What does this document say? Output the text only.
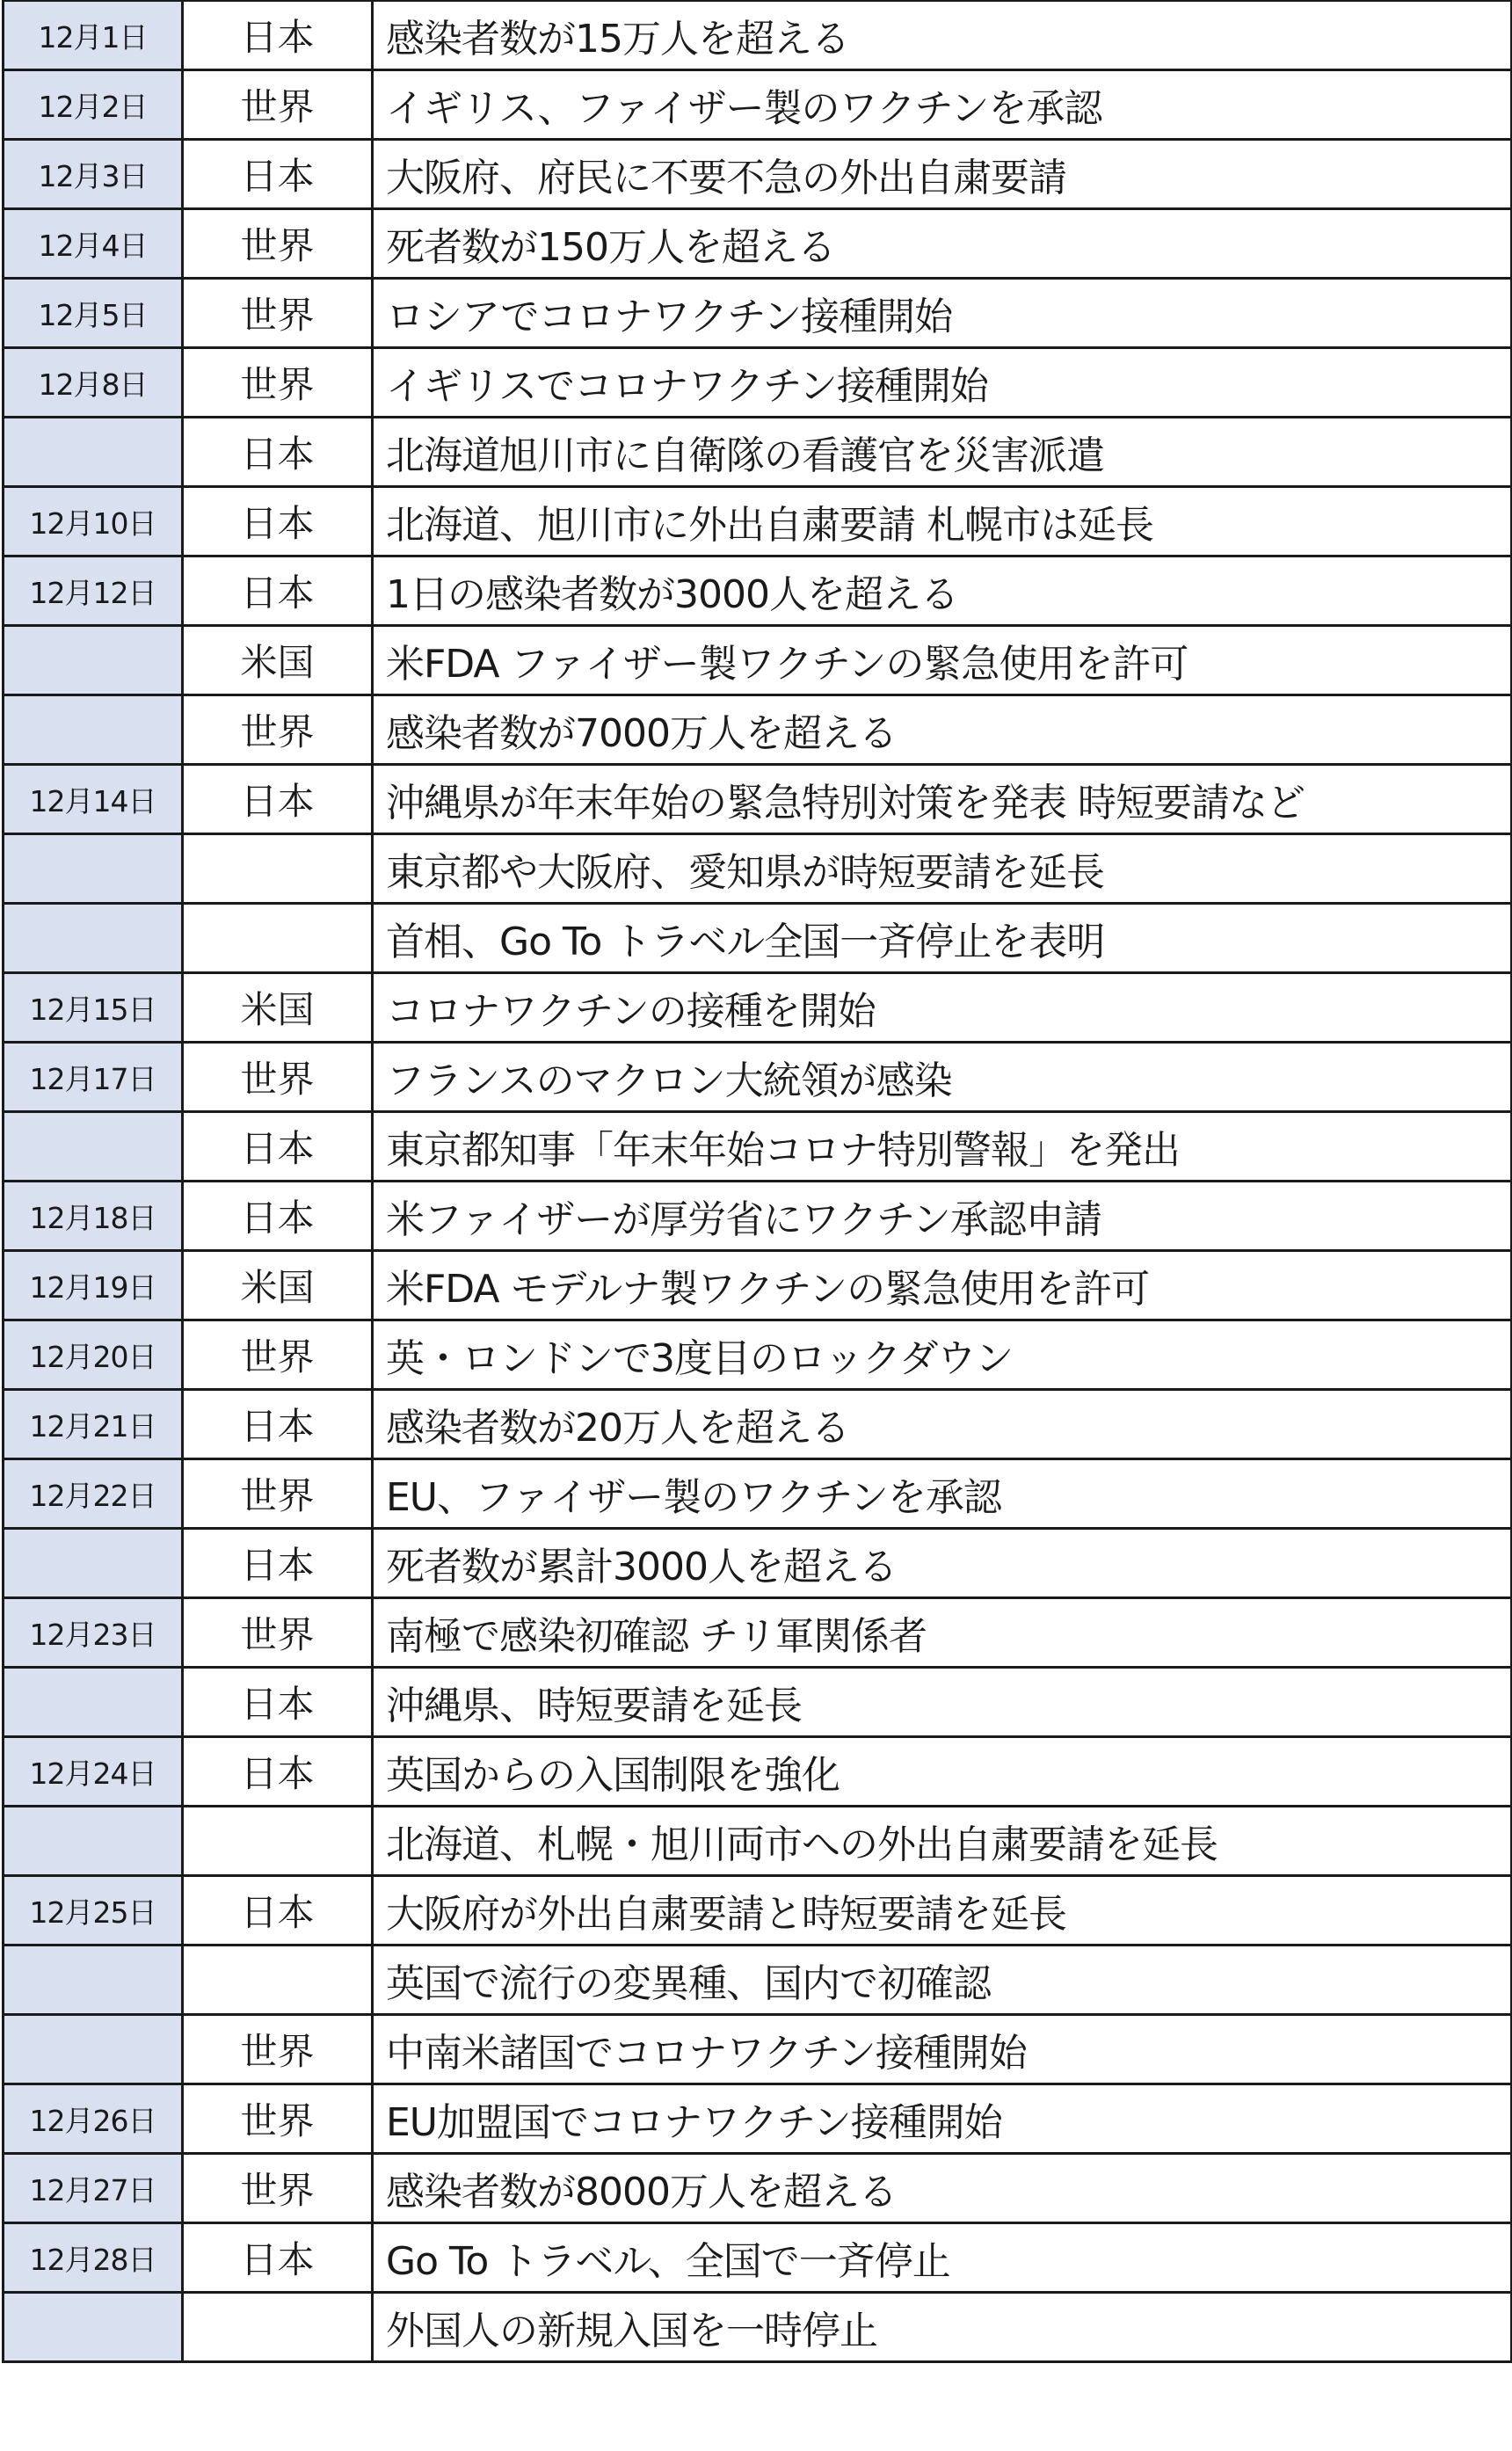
12月1日	日本	感染者数が15万人を超える
12月2日	世界	イギリス、ファイザー製のワクチンを承認
12月3日	日本	大阪府、府民に不要不急の外出自粛要請
12月4日	世界	死者数が150万人を超える
12月5日	世界	ロシアでコロナワクチン接種開始
12月8日	世界	イギリスでコロナワクチン接種開始
	日本	北海道旭川市に自衛隊の看護官を災害派遣
12月10日	日本	北海道、旭川市に外出自粛要請 札幌市は延長
12月12日	日本	1日の感染者数が3000人を超える
	米国	米FDA ファイザー製ワクチンの緊急使用を許可
	世界	感染者数が7000万人を超える
12月14日	日本	沖縄県が年末年始の緊急特別対策を発表 時短要請など
		東京都や大阪府、愛知県が時短要請を延長
		首相、Go To トラベル全国一斉停止を表明
12月15日	米国	コロナワクチンの接種を開始
12月17日	世界	フランスのマクロン大統領が感染
	日本	東京都知事「年末年始コロナ特別警報」を発出
12月18日	日本	米ファイザーが厚労省にワクチン承認申請
12月19日	米国	米FDA モデルナ製ワクチンの緊急使用を許可
12月20日	世界	英・ロンドンで3度目のロックダウン
12月21日	日本	感染者数が20万人を超える
12月22日	世界	EU、ファイザー製のワクチンを承認
	日本	死者数が累計3000人を超える
12月23日	世界	南極で感染初確認 チリ軍関係者
	日本	沖縄県、時短要請を延長
12月24日	日本	英国からの入国制限を強化
		北海道、札幌・旭川両市への外出自粛要請を延長
12月25日	日本	大阪府が外出自粛要請と時短要請を延長
		英国で流行の変異種、国内で初確認
	世界	中南米諸国でコロナワクチン接種開始
12月26日	世界	EU加盟国でコロナワクチン接種開始
12月27日	世界	感染者数が8000万人を超える
12月28日	日本	Go To トラベル、全国で一斉停止
		外国人の新規入国を一時停止
